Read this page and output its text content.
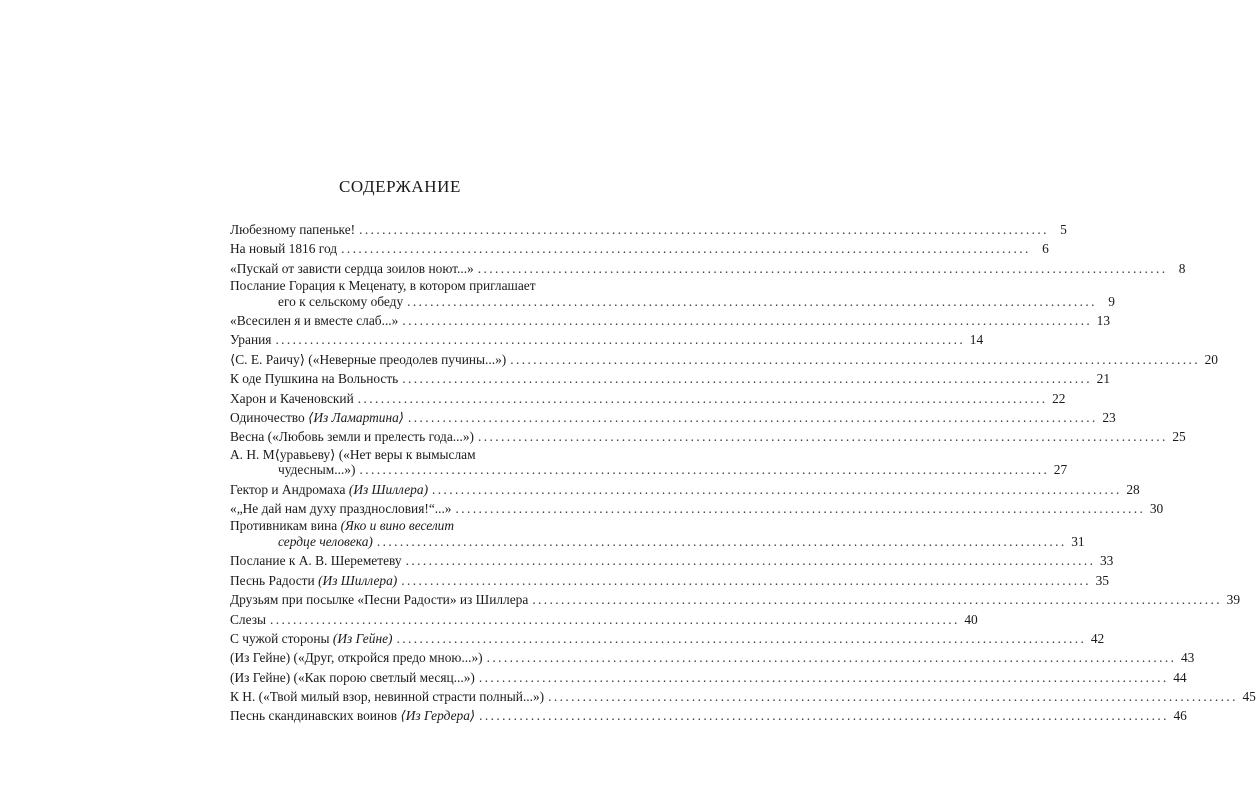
СОДЕРЖАНИЕ
Любезному папеньке! ........................................................................................................................ 5
На новый 1816 год ........................................................................................................................ 6
«Пускай от зависти сердца зоилов ноют...» ........................................................................................................................ 8
Послание Горация к Меценату, в котором приглашает
его к сельскому обеду ........................................................................................................................ 9
«Всесилен я и вместе слаб...» ........................................................................................................................ 13
Урания ........................................................................................................................ 14
⟨С. Е. Раичу⟩ («Неверные преодолев пучины...») ........................................................................................................................ 20
К оде Пушкина на Вольность ........................................................................................................................ 21
Харон и Каченовский ........................................................................................................................ 22
Одиночество ⟨Из Ламартина⟩ ........................................................................................................................ 23
Весна («Любовь земли и прелесть года...») ........................................................................................................................ 25
А. Н. М⟨уравьеву⟩ («Нет веры к вымыслам
чудесным...») ........................................................................................................................ 27
Гектор и Андромаха (Из Шиллера) ........................................................................................................................ 28
«„Не дай нам духу празднословия!“...» ........................................................................................................................ 30
Противникам вина (Яко и вино веселит
сердце человека) ........................................................................................................................ 31
Послание к А. В. Шереметеву ........................................................................................................................ 33
Песнь Радости (Из Шиллера) ........................................................................................................................ 35
Друзьям при посылке «Песни Радости» из Шиллера ........................................................................................................................ 39
Слезы ........................................................................................................................ 40
С чужой стороны (Из Гейне) ........................................................................................................................ 42
(Из Гейне) («Друг, откройся предо мною...») ........................................................................................................................ 43
(Из Гейне) («Как порою светлый месяц...») ........................................................................................................................ 44
К Н. («Твой милый взор, невинной страсти полный...») ........................................................................................................................ 45
Песнь скандинавских воинов ⟨Из Гердера⟩ ........................................................................................................................ 46
